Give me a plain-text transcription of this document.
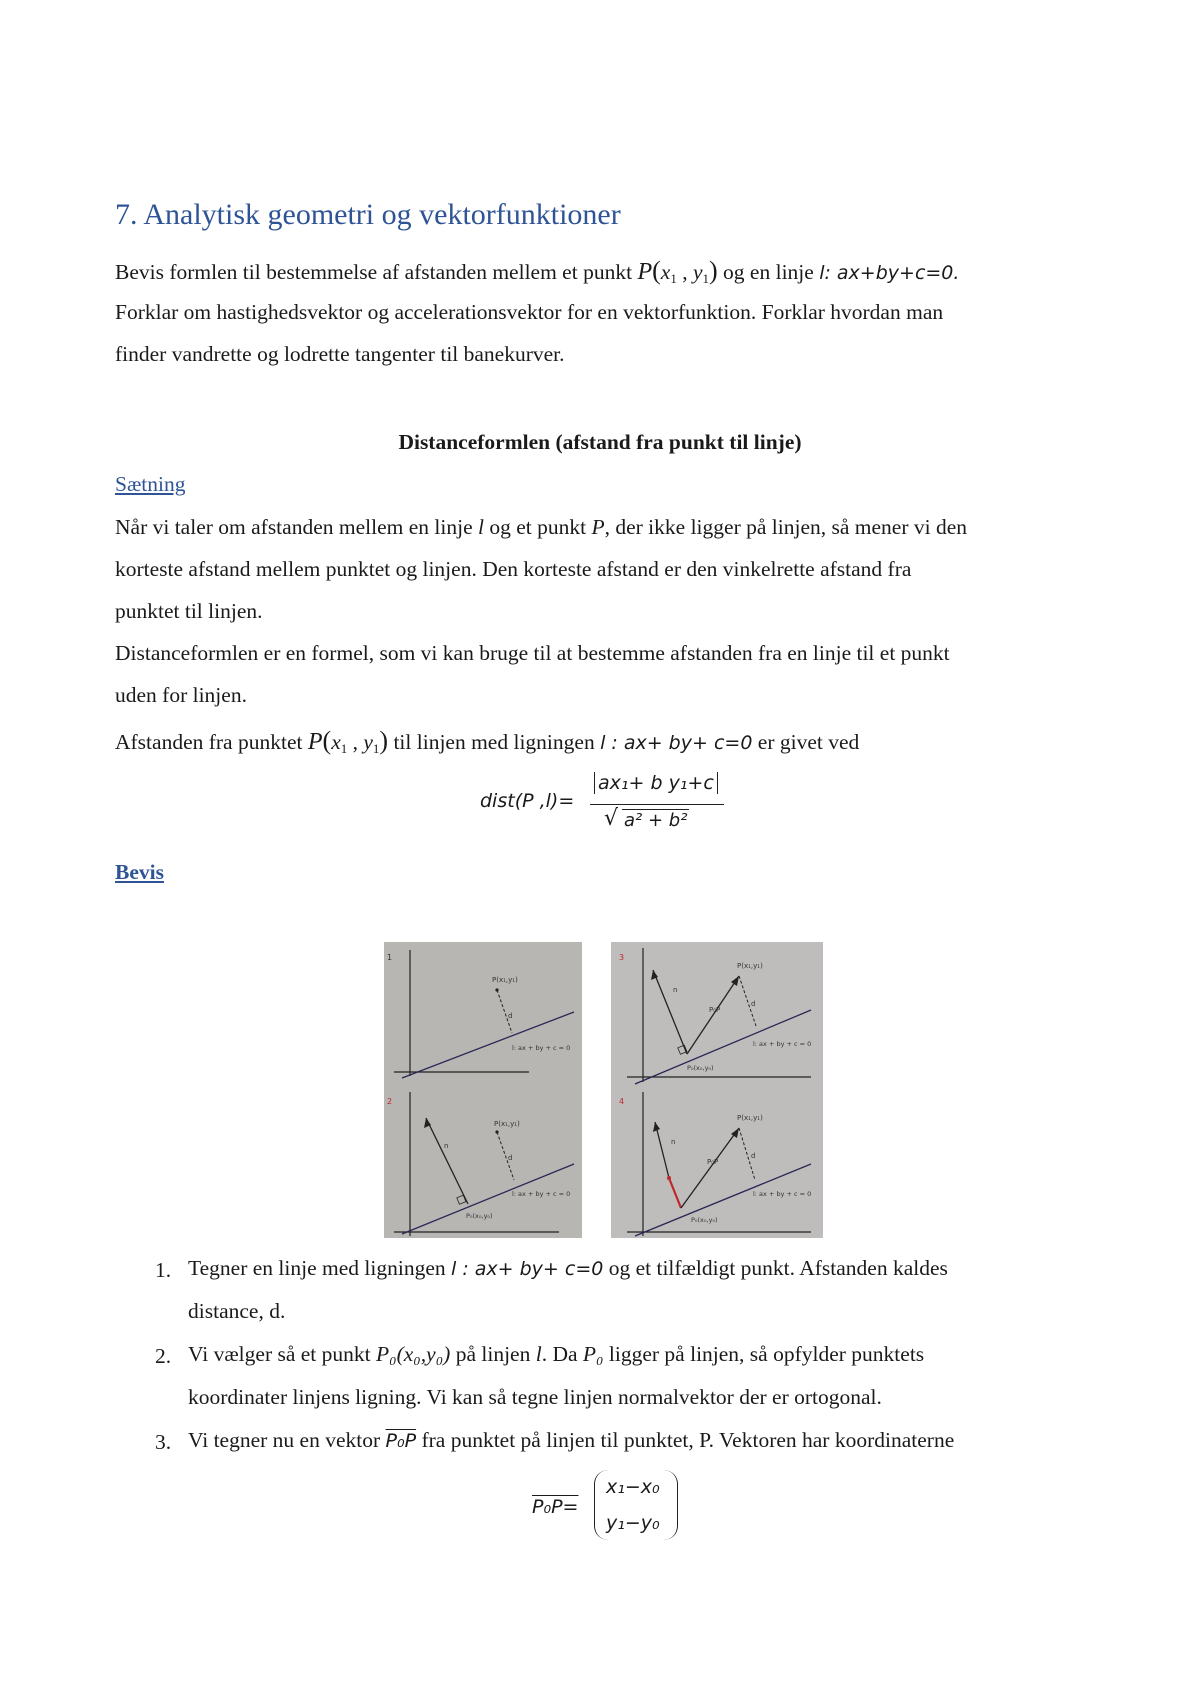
7. Analytisk geometri og vektorfunktioner
Bevis formlen til bestemmelse af afstanden mellem et punkt $P(x_1$ , $y_1$) og en linje l: ax+by+c=0.
Forklar om hastighedsvektor og accelerationsvektor for en vektorfunktion. Forklar hvordan man
finder vandrette og lodrette tangenter til banekurver.
Distanceformlen (afstand fra punkt til linje)
Sætning
Når vi taler om afstanden mellem en linje l og et punkt P, der ikke ligger på linjen, så mener vi den
korteste afstand mellem punktet og linjen. Den korteste afstand er den vinkelrette afstand fra
punktet til linjen.
Distanceformlen er en formel, som vi kan bruge til at bestemme afstanden fra en linje til et punkt
uden for linjen.
Afstanden fra punktet $P(x_1$ , $y_1$) til linjen med ligningen l : ax+ by+ c=0 er givet ved
dist(P ,l)=
ax₁+ b y₁+c
√ a² + b²
Bevis
1
P(x₁,y₁)
l: ax + by + c = 0
d
2
P(x₁,y₁)
l: ax + by + c = 0
P₀(x₀,y₀)
n
d
3
P(x₁,y₁)
l: ax + by + c = 0
P₀(x₀,y₀)
n
P₀P
d
4
P(x₁,y₁)
l: ax + by + c = 0
P₀(x₀,y₀)
n
P₀P
d
1. Tegner en linje med ligningen l : ax+ by+ c=0 og et tilfældigt punkt. Afstanden kaldes
distance, d.
2. Vi vælger så et punkt P₀(x₀,y₀) på linjen l. Da P₀ ligger på linjen, så opfylder punktets
koordinater linjens ligning. Vi kan så tegne linjen normalvektor der er ortogonal.
3. Vi tegner nu en vektor P₀P fra punktet på linjen til punktet, P. Vektoren har koordinaterne
P₀P=
x₁−x₀
y₁−y₀
